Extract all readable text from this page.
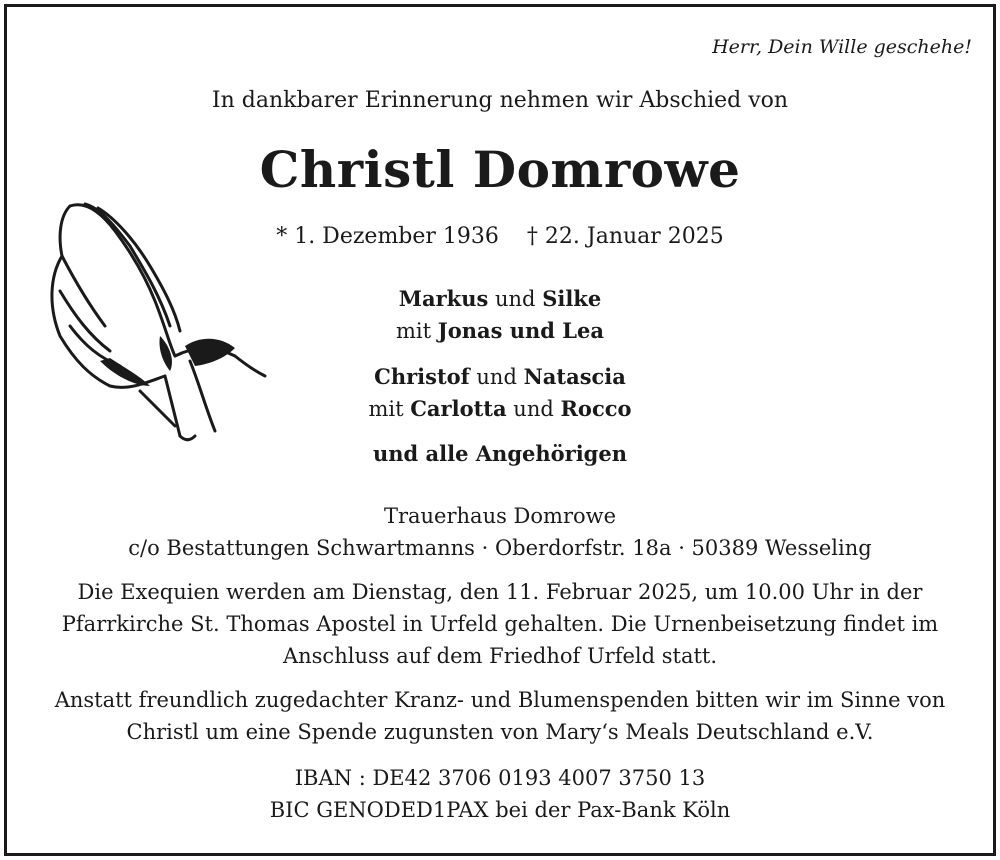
Herr, Dein Wille geschehe!
In dankbarer Erinnerung nehmen wir Abschied von
Christl Domrowe
* 1. Dezember 1936 † 22. Januar 2025
Markus und Silke
mit Jonas und Lea
Christof und Natascia
mit Carlotta und Rocco
und alle Angehörigen
Trauerhaus Domrowe
c/o Bestattungen Schwartmanns · Oberdorfstr. 18a · 50389 Wesseling
Die Exequien werden am Dienstag, den 11. Februar 2025, um 10.00 Uhr in der
Pfarrkirche St. Thomas Apostel in Urfeld gehalten. Die Urnenbeisetzung findet im
Anschluss auf dem Friedhof Urfeld statt.
Anstatt freundlich zugedachter Kranz- und Blumenspenden bitten wir im Sinne von
Christl um eine Spende zugunsten von Mary‘s Meals Deutschland e.V.
IBAN : DE42 3706 0193 4007 3750 13
BIC GENODED1PAX bei der Pax-Bank Köln
